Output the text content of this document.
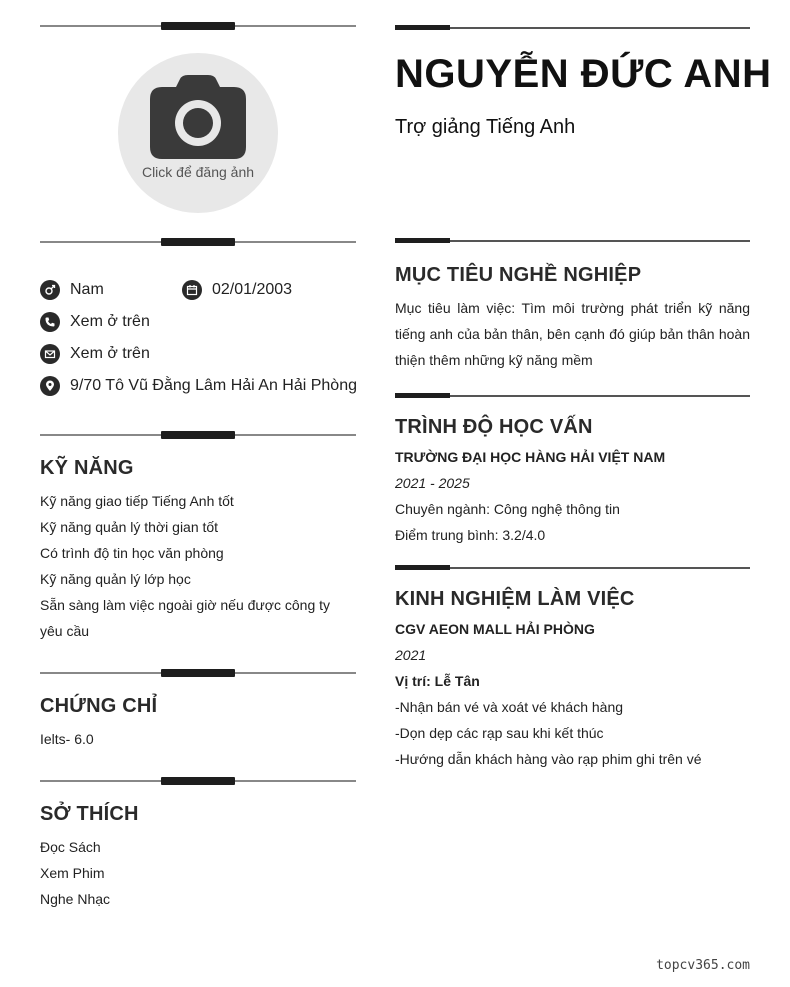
Click để đăng ảnh
Nam	02/01/2003
Xem ở trên
Xem ở trên
9/70 Tô Vũ Đằng Lâm Hải An Hải Phòng
KỸ NĂNG
Kỹ năng giao tiếp Tiếng Anh tốt
Kỹ năng quản lý thời gian tốt
Có trình độ tin học văn phòng
Kỹ năng quản lý lớp học
Sẵn sàng làm việc ngoài giờ nếu được công ty yêu cầu
CHỨNG CHỈ
Ielts- 6.0
SỞ THÍCH
Đọc Sách
Xem Phim
Nghe Nhạc
NGUYỄN ĐỨC ANH
Trợ giảng Tiếng Anh
MỤC TIÊU NGHỀ NGHIỆP
Mục tiêu làm việc: Tìm môi trường phát triển kỹ năng tiếng anh của bản thân, bên cạnh đó giúp bản thân hoàn thiện thêm những kỹ năng mềm
TRÌNH ĐỘ HỌC VẤN
TRƯỜNG ĐẠI HỌC HÀNG HẢI VIỆT NAM
2021 - 2025
Chuyên ngành: Công nghệ thông tin
Điểm trung bình: 3.2/4.0
KINH NGHIỆM LÀM VIỆC
CGV AEON MALL HẢI PHÒNG
2021
Vị trí: Lễ Tân
-Nhận bán vé và xoát vé khách hàng
-Dọn dẹp các rạp sau khi kết thúc
-Hướng dẫn khách hàng vào rạp phim ghi trên vé
topcv365.com
